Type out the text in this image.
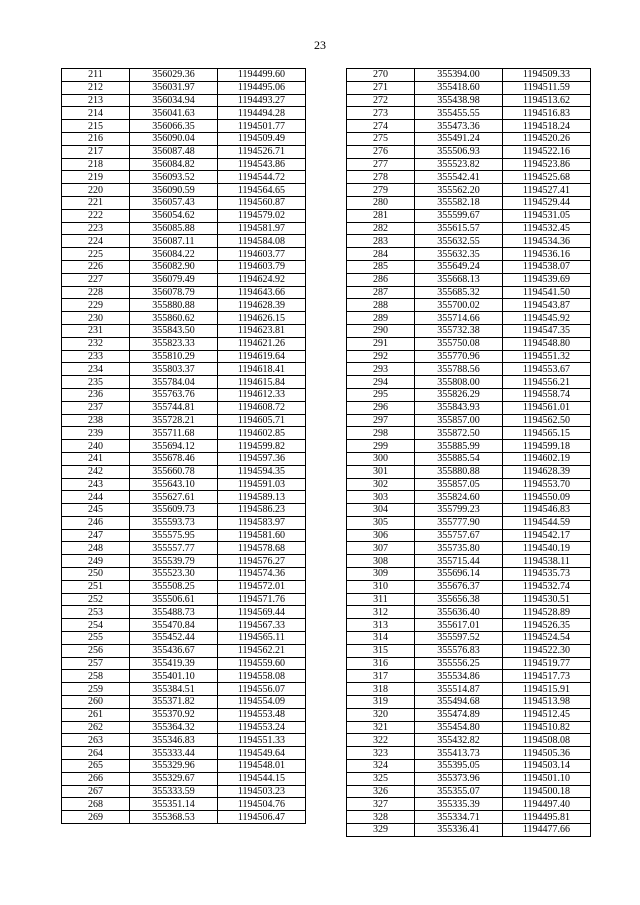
23
211	356029.36	1194499.60
212	356031.97	1194495.06
213	356034.94	1194493.27
214	356041.63	1194494.28
215	356066.35	1194501.77
216	356090.04	1194509.49
217	356087.48	1194526.71
218	356084.82	1194543.86
219	356093.52	1194544.72
220	356090.59	1194564.65
221	356057.43	1194560.87
222	356054.62	1194579.02
223	356085.88	1194581.97
224	356087.11	1194584.08
225	356084.22	1194603.77
226	356082.90	1194603.79
227	356079.49	1194624.92
228	356078.79	1194643.66
229	355880.88	1194628.39
230	355860.62	1194626.15
231	355843.50	1194623.81
232	355823.33	1194621.26
233	355810.29	1194619.64
234	355803.37	1194618.41
235	355784.04	1194615.84
236	355763.76	1194612.33
237	355744.81	1194608.72
238	355728.21	1194605.71
239	355711.68	1194602.85
240	355694.12	1194599.82
241	355678.46	1194597.36
242	355660.78	1194594.35
243	355643.10	1194591.03
244	355627.61	1194589.13
245	355609.73	1194586.23
246	355593.73	1194583.97
247	355575.95	1194581.60
248	355557.77	1194578.68
249	355539.79	1194576.27
250	355523.30	1194574.36
251	355508.25	1194572.01
252	355506.61	1194571.76
253	355488.73	1194569.44
254	355470.84	1194567.33
255	355452.44	1194565.11
256	355436.67	1194562.21
257	355419.39	1194559.60
258	355401.10	1194558.08
259	355384.51	1194556.07
260	355371.82	1194554.09
261	355370.92	1194553.48
262	355364.32	1194553.24
263	355346.83	1194551.33
264	355333.44	1194549.64
265	355329.96	1194548.01
266	355329.67	1194544.15
267	355333.59	1194503.23
268	355351.14	1194504.76
269	355368.53	1194506.47
270	355394.00	1194509.33
271	355418.60	1194511.59
272	355438.98	1194513.62
273	355455.55	1194516.83
274	355473.36	1194518.24
275	355491.24	1194520.26
276	355506.93	1194522.16
277	355523.82	1194523.86
278	355542.41	1194525.68
279	355562.20	1194527.41
280	355582.18	1194529.44
281	355599.67	1194531.05
282	355615.57	1194532.45
283	355632.55	1194534.36
284	355632.35	1194536.16
285	355649.24	1194538.07
286	355668.13	1194539.69
287	355685.32	1194541.50
288	355700.02	1194543.87
289	355714.66	1194545.92
290	355732.38	1194547.35
291	355750.08	1194548.80
292	355770.96	1194551.32
293	355788.56	1194553.67
294	355808.00	1194556.21
295	355826.29	1194558.74
296	355843.93	1194561.01
297	355857.00	1194562.50
298	355872.50	1194565.15
299	355885.99	1194599.18
300	355885.54	1194602.19
301	355880.88	1194628.39
302	355857.05	1194553.70
303	355824.60	1194550.09
304	355799.23	1194546.83
305	355777.90	1194544.59
306	355757.67	1194542.17
307	355735.80	1194540.19
308	355715.44	1194538.11
309	355696.14	1194535.73
310	355676.37	1194532.74
311	355656.38	1194530.51
312	355636.40	1194528.89
313	355617.01	1194526.35
314	355597.52	1194524.54
315	355576.83	1194522.30
316	355556.25	1194519.77
317	355534.86	1194517.73
318	355514.87	1194515.91
319	355494.68	1194513.98
320	355474.89	1194512.45
321	355454.80	1194510.82
322	355432.82	1194508.08
323	355413.73	1194505.36
324	355395.05	1194503.14
325	355373.96	1194501.10
326	355355.07	1194500.18
327	355335.39	1194497.40
328	355334.71	1194495.81
329	355336.41	1194477.66
